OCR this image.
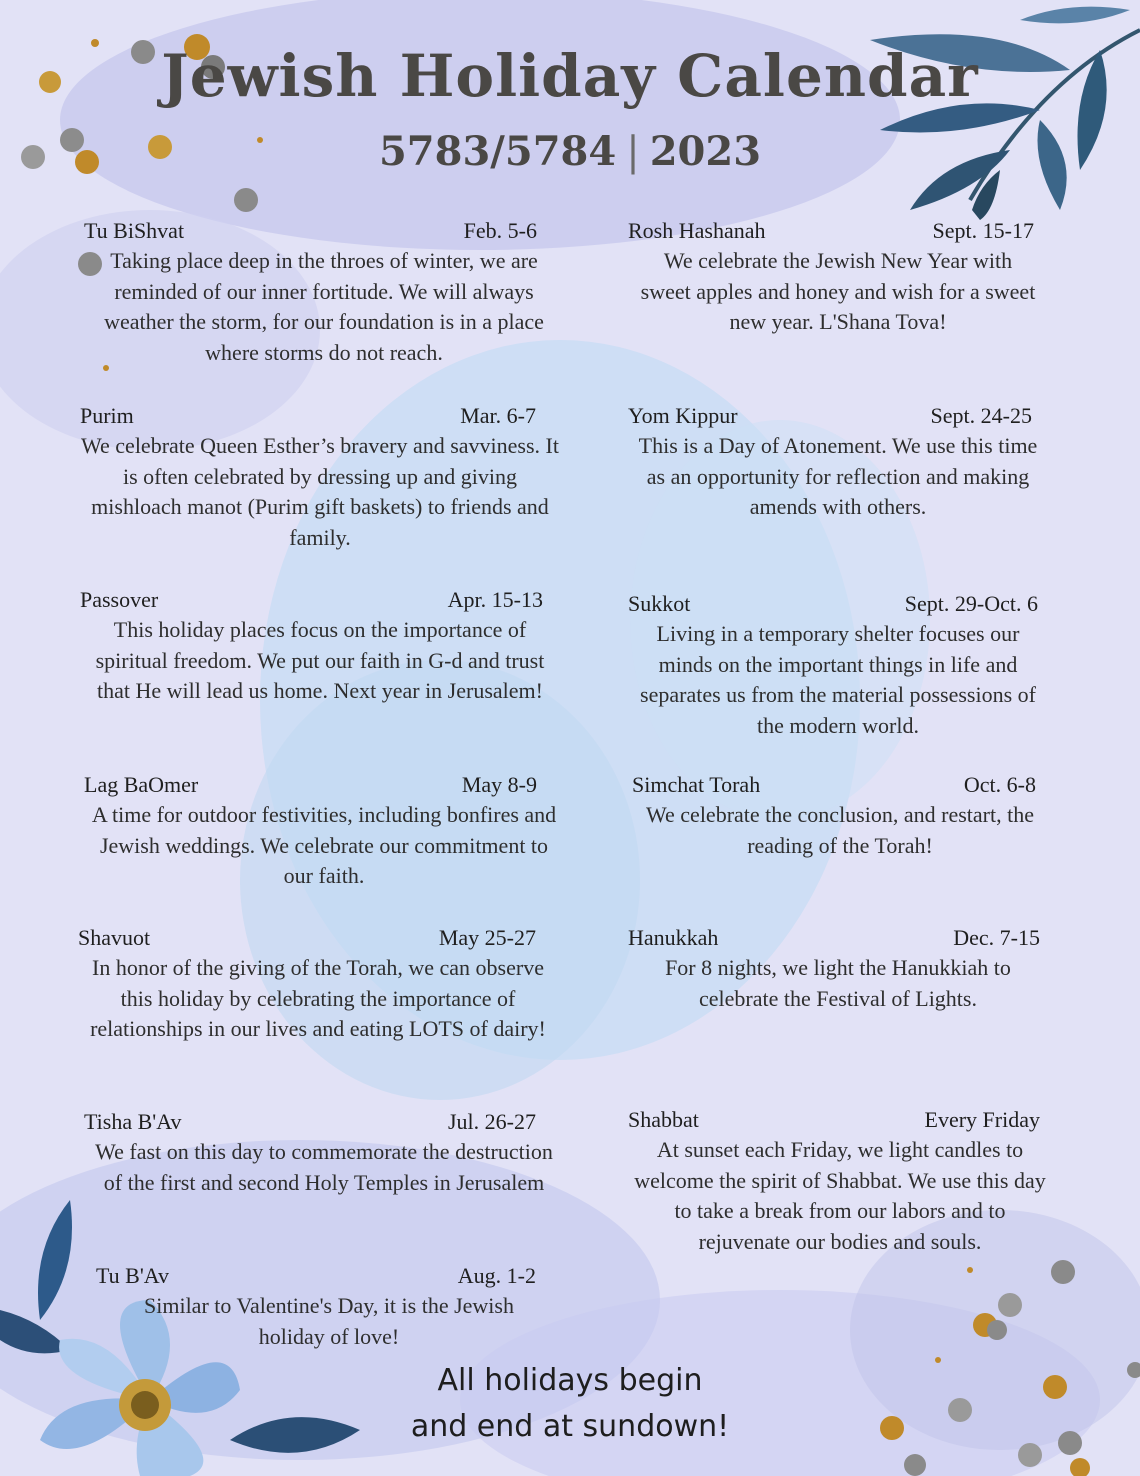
Jewish Holiday Calendar
5783/5784 | 2023
Tu BiShvat	Feb. 5-6

Taking place deep in the throes of winter, we are reminded of our inner fortitude. We will always weather the storm, for our foundation is in a place where storms do not reach.

Purim	Mar. 6-7

We celebrate Queen Esther’s bravery and savviness. It is often celebrated by dressing up and giving mishloach manot (Purim gift baskets) to friends and family.

Passover	Apr. 15-13

This holiday places focus on the importance of spiritual freedom. We put our faith in G-d and trust that He will lead us home. Next year in Jerusalem!

Lag BaOmer	May 8-9

A time for outdoor festivities, including bonfires and Jewish weddings. We celebrate our commitment to our faith.

Shavuot	May 25-27

In honor of the giving of the Torah, we can observe this holiday by celebrating the importance of relationships in our lives and eating LOTS of dairy!

Tisha B'Av	Jul. 26-27

We fast on this day to commemorate the destruction of the first and second Holy Temples in Jerusalem

Tu B'Av	Aug. 1-2

Similar to Valentine's Day, it is the Jewish holiday of love!

Rosh Hashanah	Sept. 15-17

We celebrate the Jewish New Year with sweet apples and honey and wish for a sweet new year. L'Shana Tova!

Yom Kippur	Sept. 24-25

This is a Day of Atonement. We use this time as an opportunity for reflection and making amends with others.

Sukkot	Sept. 29-Oct. 6

Living in a temporary shelter focuses our minds on the important things in life and separates us from the material possessions of the modern world.

Simchat Torah	Oct. 6-8

We celebrate the conclusion, and restart, the reading of the Torah!

Hanukkah	Dec. 7-15

For 8 nights, we light the Hanukkiah to celebrate the Festival of Lights.

Shabbat	Every Friday

At sunset each Friday, we light candles to welcome the spirit of Shabbat. We use this day to take a break from our labors and to rejuvenate our bodies and souls.

All holidays begin
and end at sundown!
